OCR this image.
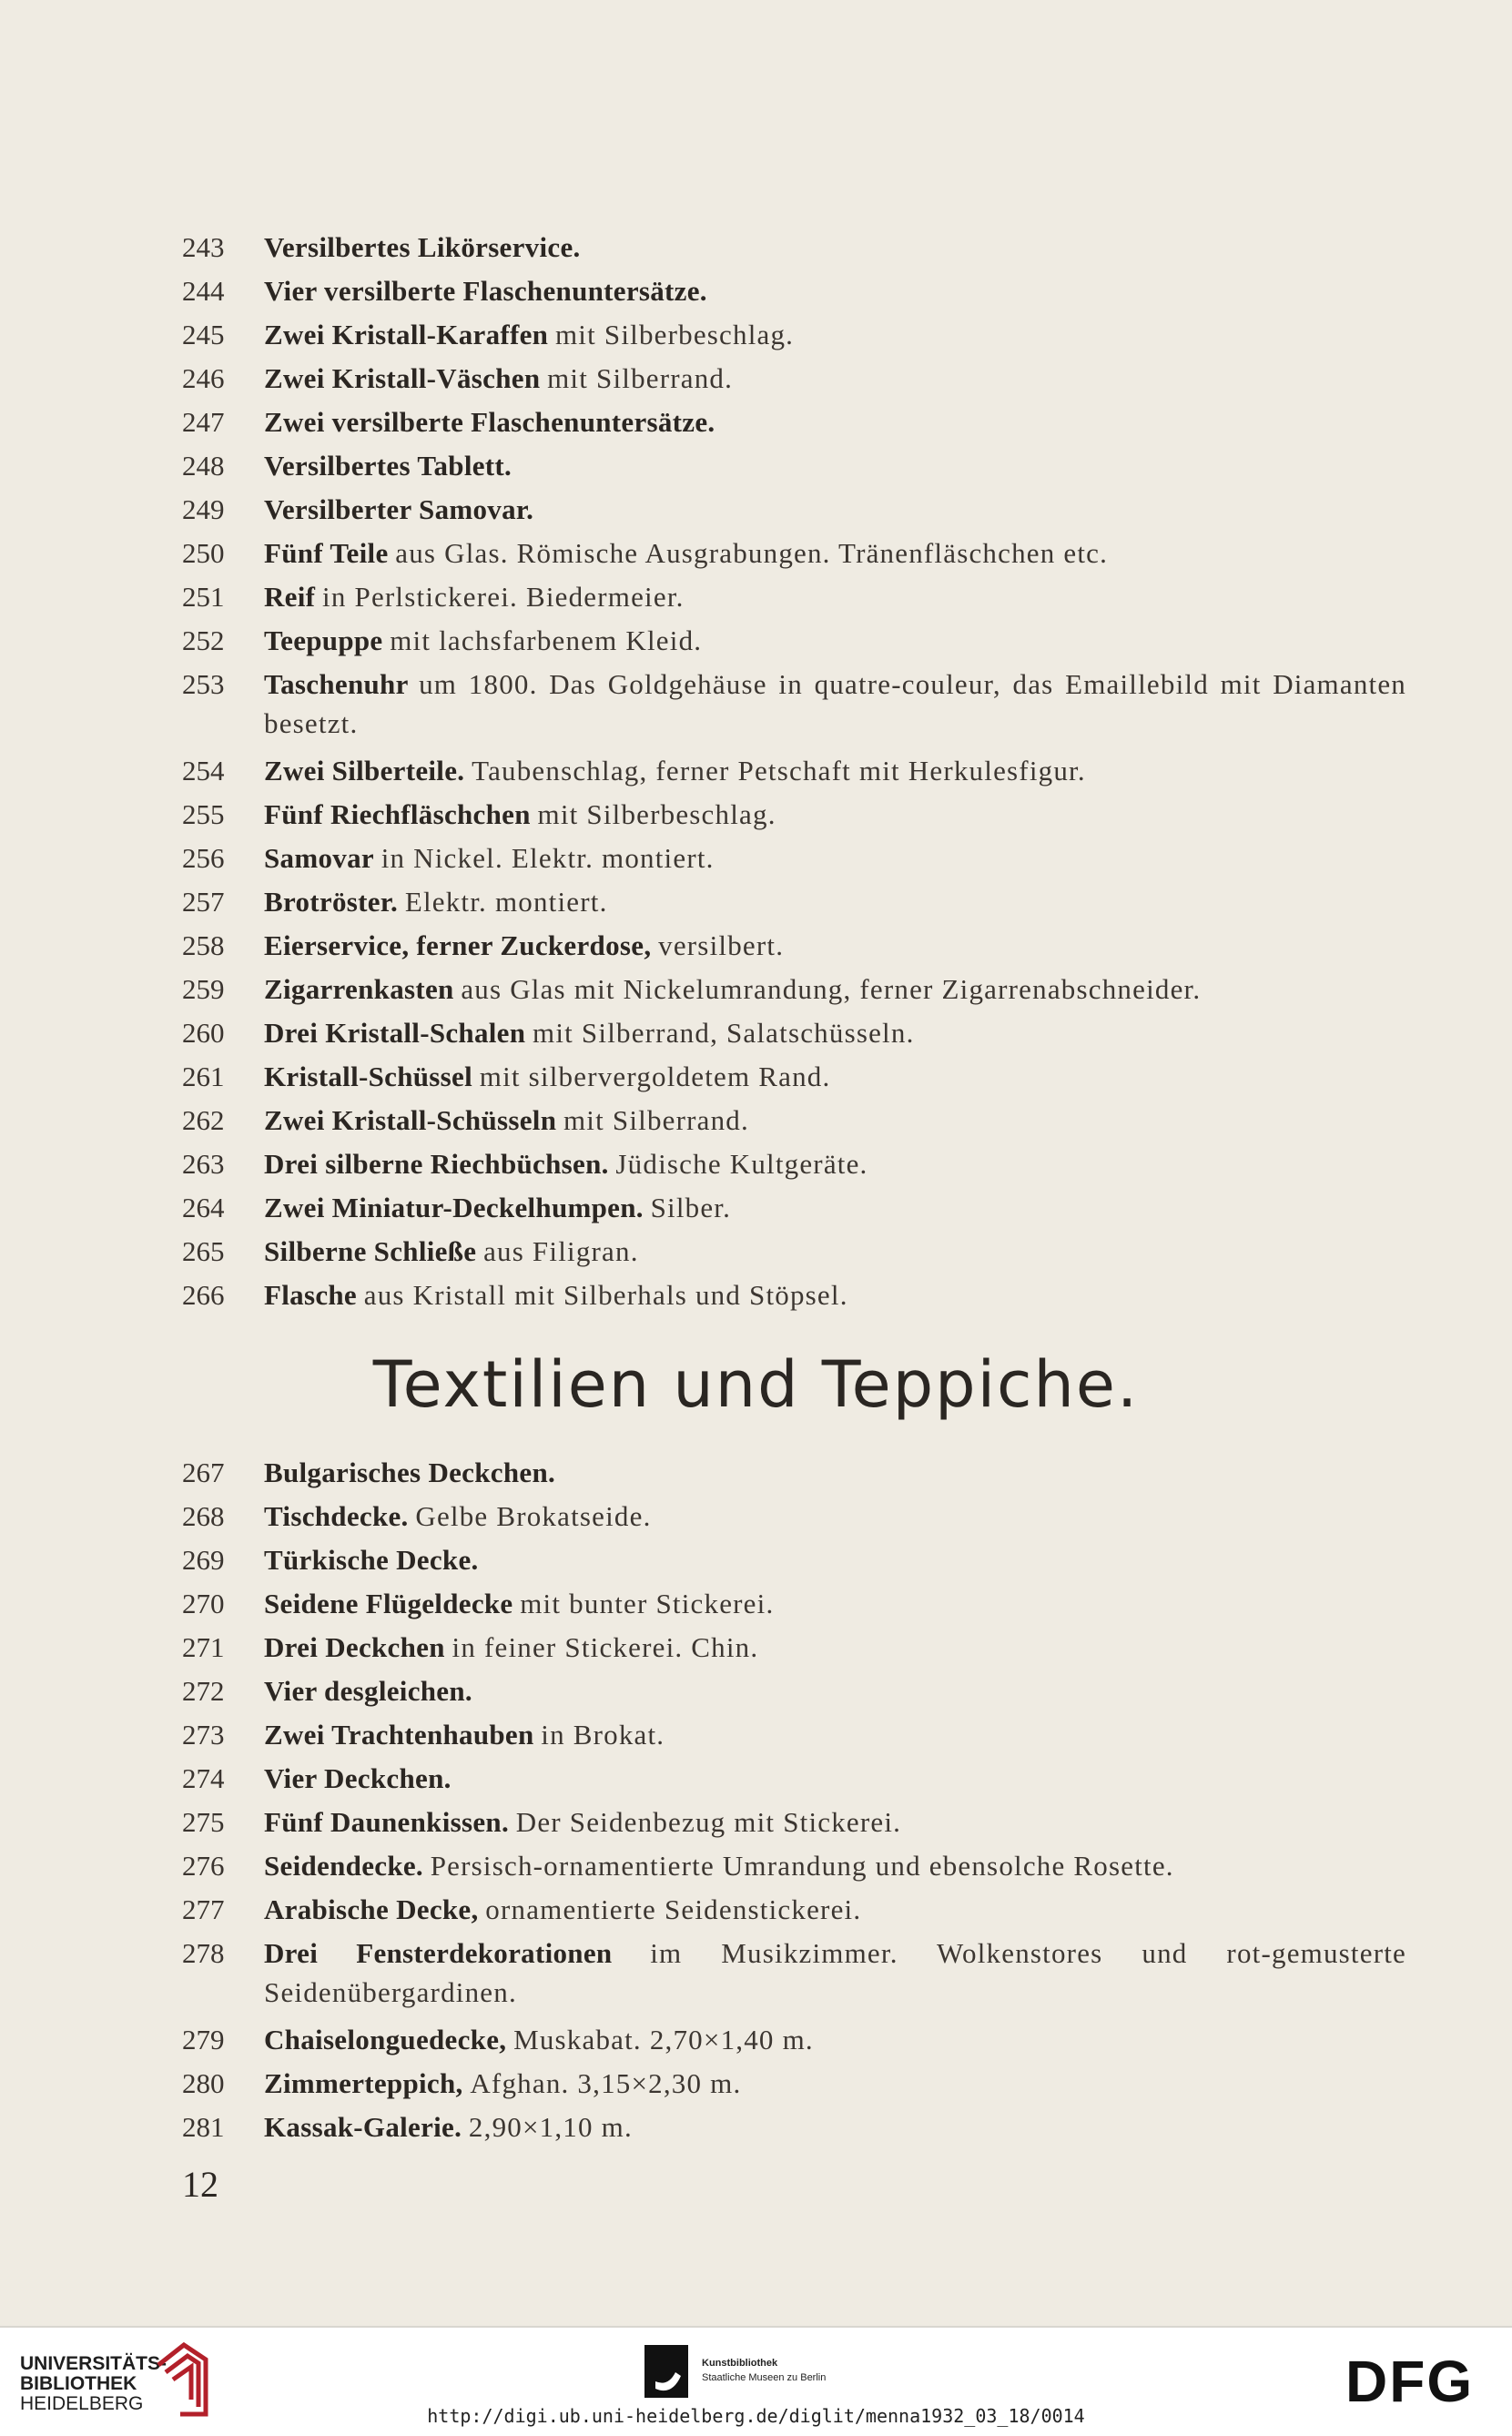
243	Versilbertes Likörservice.
244	Vier versilberte Flaschenuntersätze.
245	Zwei Kristall-Karaffen mit Silberbeschlag.
246	Zwei Kristall-Väschen mit Silberrand.
247	Zwei versilberte Flaschenuntersätze.
248	Versilbertes Tablett.
249	Versilberter Samovar.
250	Fünf Teile aus Glas. Römische Ausgrabungen. Tränenfläschchen etc.
251	Reif in Perlstickerei. Biedermeier.
252	Teepuppe mit lachsfarbenem Kleid.
253	Taschenuhr um 1800. Das Goldgehäuse in quatre-couleur, das Emaillebild mit Diamanten besetzt.
254	Zwei Silberteile. Taubenschlag, ferner Petschaft mit Herkulesfigur.
255	Fünf Riechfläschchen mit Silberbeschlag.
256	Samovar in Nickel. Elektr. montiert.
257	Brotröster. Elektr. montiert.
258	Eierservice, ferner Zuckerdose, versilbert.
259	Zigarrenkasten aus Glas mit Nickelumrandung, ferner Zigarrenabschneider.
260	Drei Kristall-Schalen mit Silberrand, Salatschüsseln.
261	Kristall-Schüssel mit silbervergoldetem Rand.
262	Zwei Kristall-Schüsseln mit Silberrand.
263	Drei silberne Riechbüchsen. Jüdische Kultgeräte.
264	Zwei Miniatur-Deckelhumpen. Silber.
265	Silberne Schließe aus Filigran.
266	Flasche aus Kristall mit Silberhals und Stöpsel.
Textilien und Teppiche.
267	Bulgarisches Deckchen.
268	Tischdecke. Gelbe Brokatseide.
269	Türkische Decke.
270	Seidene Flügeldecke mit bunter Stickerei.
271	Drei Deckchen in feiner Stickerei. Chin.
272	Vier desgleichen.
273	Zwei Trachtenhauben in Brokat.
274	Vier Deckchen.
275	Fünf Daunenkissen. Der Seidenbezug mit Stickerei.
276	Seidendecke. Persisch-ornamentierte Umrandung und ebensolche Rosette.
277	Arabische Decke, ornamentierte Seidenstickerei.
278	Drei Fensterdekorationen im Musikzimmer. Wolkenstores und rot-gemusterte Seidenübergardinen.
279	Chaiselonguedecke, Muskabat. 2,70×1,40 m.
280	Zimmerteppich, Afghan. 3,15×2,30 m.
281	Kassak-Galerie. 2,90×1,10 m.
12
UNIVERSITÄTS-
BIBLIOTHEK
HEIDELBERG
Kunstbibliothek
Staatliche Museen zu Berlin	DFG
http://digi.ub.uni-heidelberg.de/diglit/menna1932_03_18/0014
